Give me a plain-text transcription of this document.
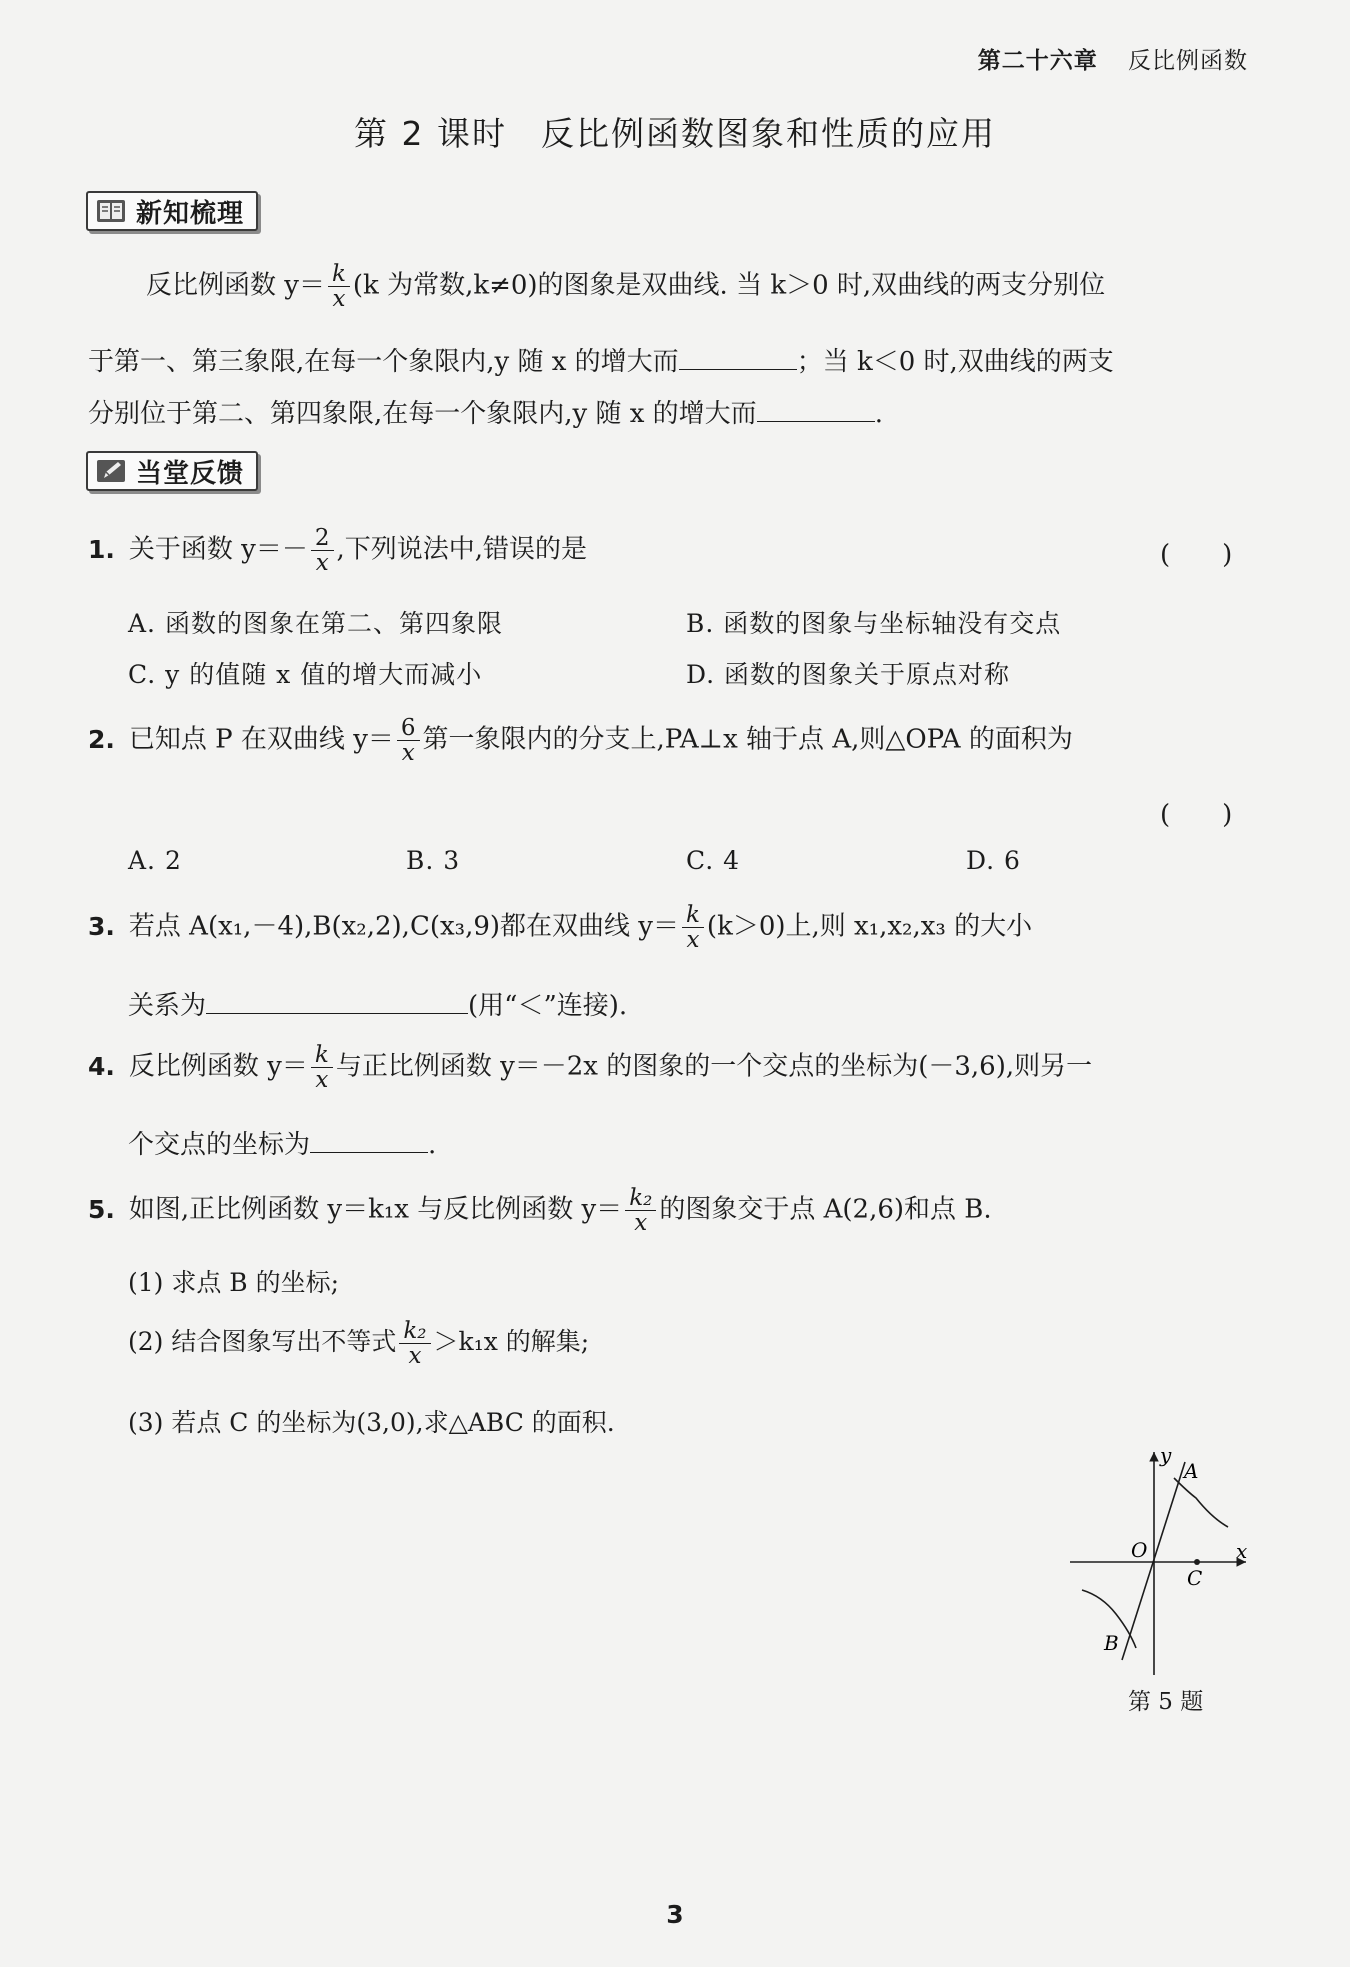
第二十六章 反比例函数
第 2 课时 反比例函数图象和性质的应用
新知梳理
反比例函数 $y= \frac{k}{x} (k$ 为常数,k≠0)的图象是双曲线. 当 k＞0 时,双曲线的两支分别位
于第一、第三象限,在每一个象限内,y 随 x 的增大而	；当 k＜0 时,双曲线的两支
分别位于第二、第四象限,在每一个象限内,y 随 x 的增大而	.
当堂反馈
1. 关于函数 $y=- \frac{2}{x}$ ,下列说法中,错误的是	(　　)
A. 函数的图象在第二、第四象限	B. 函数的图象与坐标轴没有交点
C. y 的值随 x 值的增大而减小	D. 函数的图象关于原点对称
2. 已知点 P 在双曲线 $y= \frac{6}{x}$ 第一象限内的分支上,PA⊥x 轴于点 A,则△OPA 的面积为
(　　)
A. 2	B. 3	C. 4	D. 6
3. 若点 A(x₁,－4),B(x₂,2),C(x₃,9)都在双曲线 $y= \frac{k}{x} (k>0)$上,则 x₁,x₂,x₃ 的大小
关系为	(用“＜”连接).
4. 反比例函数 $y= \frac{k}{x}$ 与正比例函数 y＝－2x 的图象的一个交点的坐标为(－3,6),则另一
个交点的坐标为	.
5. 如图,正比例函数 y＝k₁x 与反比例函数 $y= \frac{\text{k₂}}{x}$ 的图象交于点 A(2,6)和点 B.
(1) 求点 B 的坐标;
(2) 结合图象写出不等式 $\frac{\text{k₂}}{x} >k_1x$ 的解集;
(3) 若点 C 的坐标为(3,0),求△ABC 的面积.
y
x
O
A
B
C
第 5 题
3
